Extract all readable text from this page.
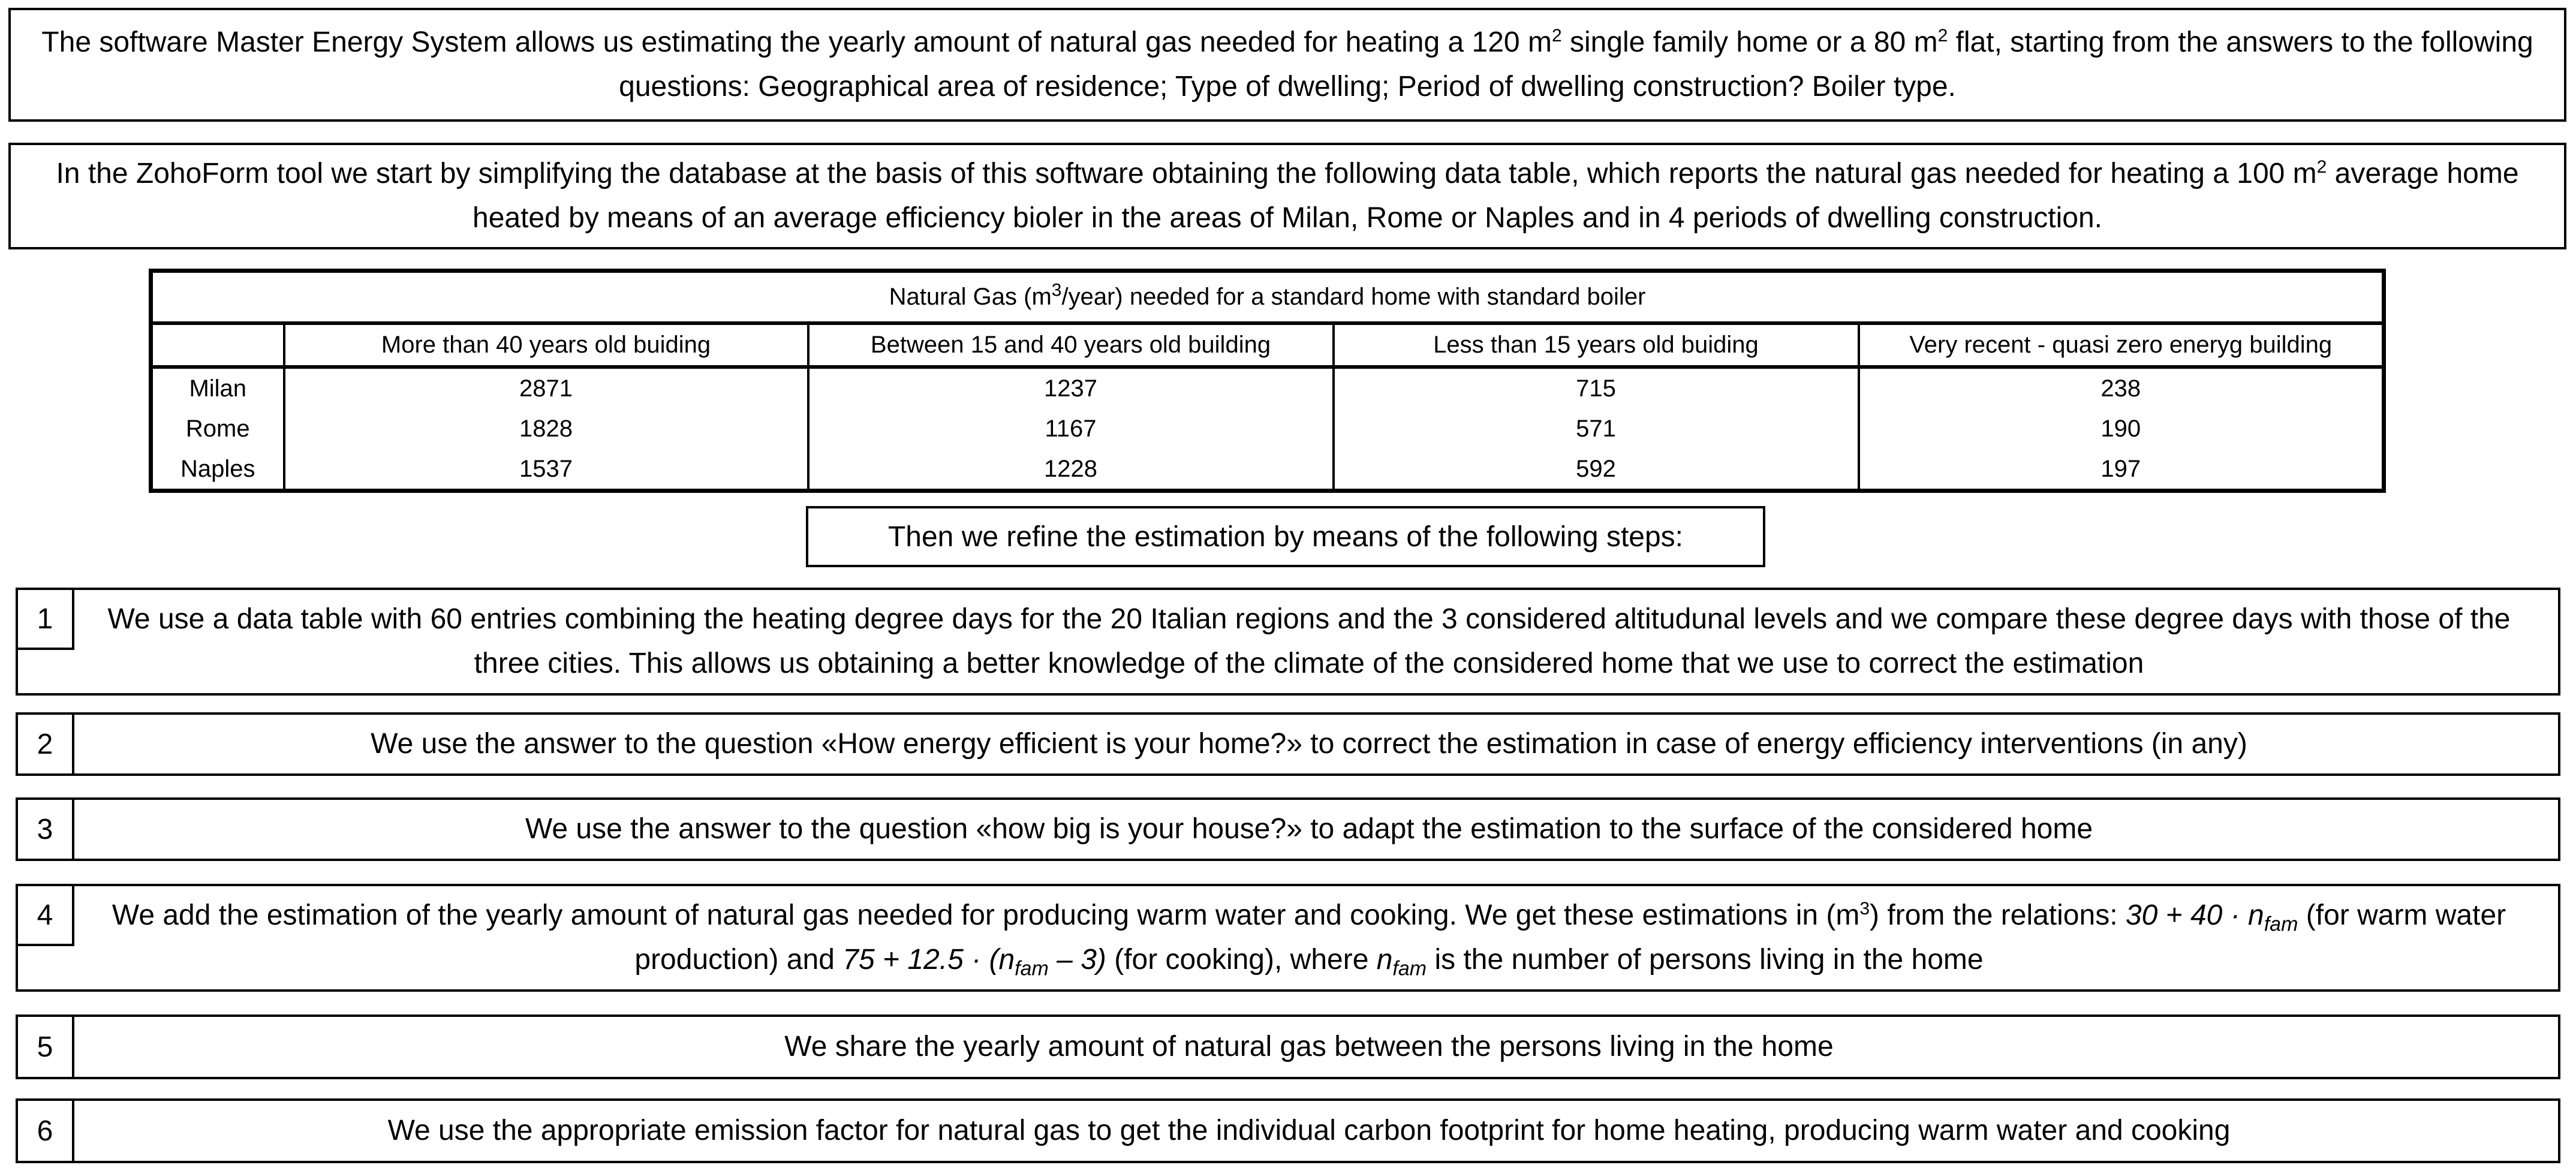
The software Master Energy System allows us estimating the yearly amount of natural gas needed for heating a 120 $m^2$ single family home or a 80 $m^2$ flat, starting from the answers to the following questions: Geographical area of residence; Type of dwelling; Period of dwelling construction? Boiler type.
In the ZohoForm tool we start by simplifying the database at the basis of this software obtaining the following data table, which reports the natural gas needed for heating a 100 $m^2$ average home heated by means of an average efficiency bioler in the areas of Milan, Rome or Naples and in 4 periods of dwelling construction.
Natural Gas $(m^3/year)$ needed for a standard home with standard boiler				
	More than 40 years old buiding	Between 15 and 40 years old building	Less than 15 years old buiding	Very recent - quasi zero eneryg building
Milan	2871	1237	715	238
Rome	1828	1167	571	190
Naples	1537	1228	592	197
Then we refine the estimation by means of the following steps:
1	We use a data table with 60 entries combining the heating degree days for the 20 Italian regions and the 3 considered altitudunal levels and we compare these degree days with those of the three cities. This allows us obtaining a better knowledge of the climate of the considered home that we use to correct the estimation
2	We use the answer to the question «How energy efficient is your home?» to correct the estimation in case of energy efficiency interventions (in any)
3	We use the answer to the question «how big is your house?» to adapt the estimation to the surface of the considered home
4	We add the estimation of the yearly amount of natural gas needed for producing warm water and cooking. We get these estimations in $(m^3)$ from the relations: $30 + 40 \cdot n_{fam}$ (for warm water production) and $75 + 12.5 \cdot (n_{fam} - 3)$ (for cooking), where $n_{fam}$ is the number of persons living in the home
5	We share the yearly amount of natural gas between the persons living in the home
6	We use the appropriate emission factor for natural gas to get the individual carbon footprint for home heating, producing warm water and cooking
